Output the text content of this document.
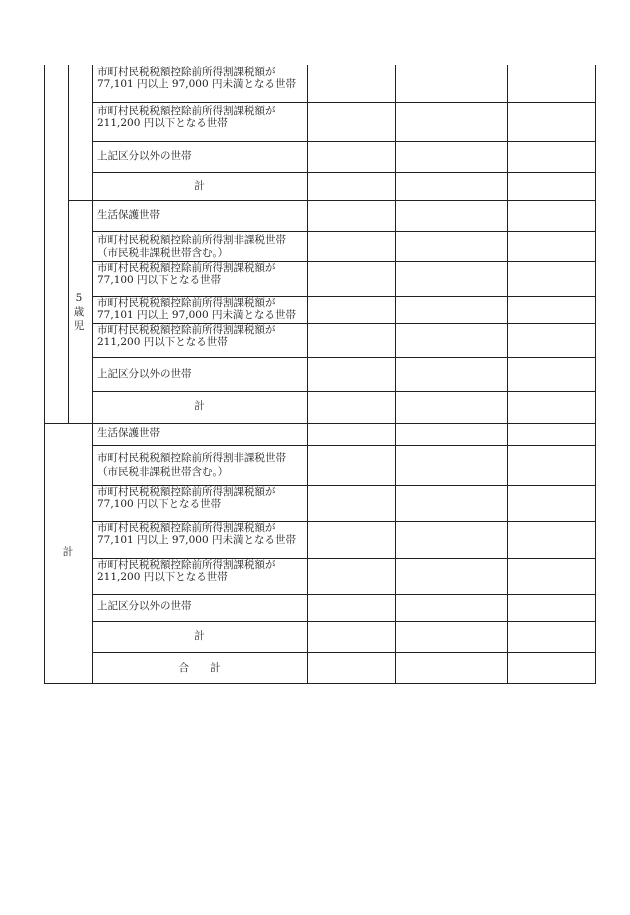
市町村民税税額控除前所得割課税額が
77,101 円以上 97,000 円未満となる世帯
市町村民税税額控除前所得割課税額が
211,200 円以下となる世帯
上記区分以外の世帯
計
5
歳
児
生活保護世帯
市町村民税税額控除前所得割非課税世帯
（市民税非課税世帯含む。）
市町村民税税額控除前所得割課税額が
77,100 円以下となる世帯
市町村民税税額控除前所得割課税額が
77,101 円以上 97,000 円未満となる世帯
市町村民税税額控除前所得割課税額が
211,200 円以下となる世帯
上記区分以外の世帯
計
計
生活保護世帯
市町村民税税額控除前所得割非課税世帯
（市民税非課税世帯含む。）
市町村民税税額控除前所得割課税額が
77,100 円以下となる世帯
市町村民税税額控除前所得割課税額が
77,101 円以上 97,000 円未満となる世帯
市町村民税税額控除前所得割課税額が
211,200 円以下となる世帯
上記区分以外の世帯
計
合　　計
